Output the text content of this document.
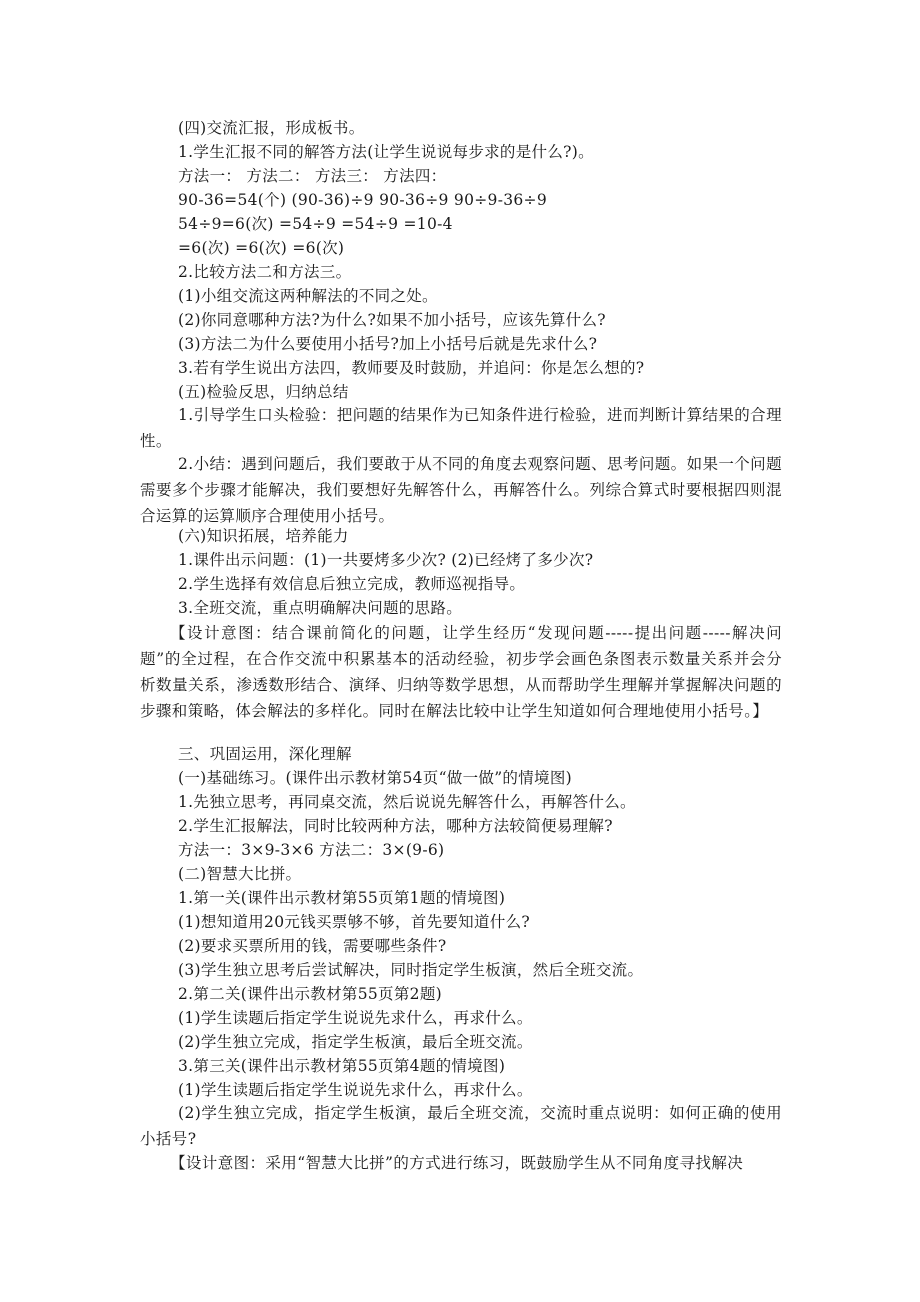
(四)交流汇报，形成板书。
1.学生汇报不同的解答方法(让学生说说每步求的是什么?)。
方法一： 方法二： 方法三： 方法四：
90-36=54(个) (90-36)÷9 90-36÷9 90÷9-36÷9
54÷9=6(次) =54÷9 =54÷9 =10-4
=6(次) =6(次) =6(次)
2.比较方法二和方法三。
(1)小组交流这两种解法的不同之处。
(2)你同意哪种方法?为什么?如果不加小括号，应该先算什么?
(3)方法二为什么要使用小括号?加上小括号后就是先求什么?
3.若有学生说出方法四，教师要及时鼓励，并追问：你是怎么想的?
(五)检验反思，归纳总结
1.引导学生口头检验：把问题的结果作为已知条件进行检验，进而判断计算结果的合理性。
2.小结：遇到问题后，我们要敢于从不同的角度去观察问题、思考问题。如果一个问题需要多个步骤才能解决，我们要想好先解答什么，再解答什么。列综合算式时要根据四则混合运算的运算顺序合理使用小括号。
(六)知识拓展，培养能力
1.课件出示问题：(1)一共要烤多少次? (2)已经烤了多少次?
2.学生选择有效信息后独立完成，教师巡视指导。
3.全班交流，重点明确解决问题的思路。
【设计意图：结合课前简化的问题，让学生经历“发现问题-----提出问题-----解决问题”的全过程，在合作交流中积累基本的活动经验，初步学会画色条图表示数量关系并会分析数量关系，渗透数形结合、演绎、归纳等数学思想，从而帮助学生理解并掌握解决问题的步骤和策略，体会解法的多样化。同时在解法比较中让学生知道如何合理地使用小括号。】
三、巩固运用，深化理解
(一)基础练习。(课件出示教材第54页“做一做”的情境图)
1.先独立思考，再同桌交流，然后说说先解答什么，再解答什么。
2.学生汇报解法，同时比较两种方法，哪种方法较简便易理解?
方法一：3×9-3×6 方法二：3×(9-6)
(二)智慧大比拼。
1.第一关(课件出示教材第55页第1题的情境图)
(1)想知道用20元钱买票够不够，首先要知道什么?
(2)要求买票所用的钱，需要哪些条件?
(3)学生独立思考后尝试解决，同时指定学生板演，然后全班交流。
2.第二关(课件出示教材第55页第2题)
(1)学生读题后指定学生说说先求什么，再求什么。
(2)学生独立完成，指定学生板演，最后全班交流。
3.第三关(课件出示教材第55页第4题的情境图)
(1)学生读题后指定学生说说先求什么，再求什么。
(2)学生独立完成，指定学生板演，最后全班交流，交流时重点说明：如何正确的使用小括号?
【设计意图：采用“智慧大比拼”的方式进行练习，既鼓励学生从不同角度寻找解决
